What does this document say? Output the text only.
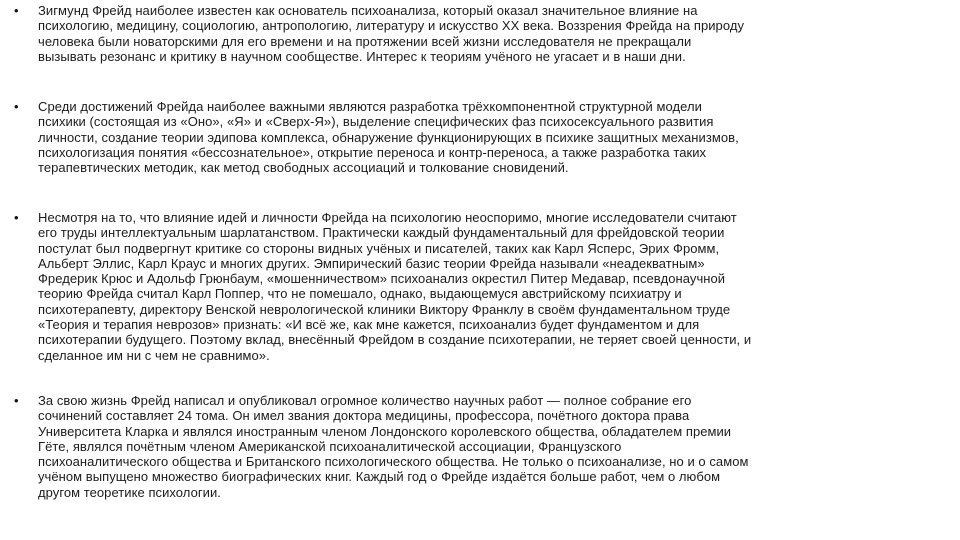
• Зигмунд Фрейд наиболее известен как основатель психоанализа, который оказал значительное влияние на
психологию, медицину, социологию, антропологию, литературу и искусство XX века. Воззрения Фрейда на природу
человека были новаторскими для его времени и на протяжении всей жизни исследователя не прекращали
вызывать резонанс и критику в научном сообществе. Интерес к теориям учёного не угасает и в наши дни.
• Среди достижений Фрейда наиболее важными являются разработка трёхкомпонентной структурной модели
психики (состоящая из «Оно», «Я» и «Сверх-Я»), выделение специфических фаз психосексуального развития
личности, создание теории эдипова комплекса, обнаружение функционирующих в психике защитных механизмов,
психологизация понятия «бессознательное», открытие переноса и контр-переноса, а также разработка таких
терапевтических методик, как метод свободных ассоциаций и толкование сновидений.
• Несмотря на то, что влияние идей и личности Фрейда на психологию неоспоримо, многие исследователи считают
его труды интеллектуальным шарлатанством. Практически каждый фундаментальный для фрейдовской теории
постулат был подвергнут критике со стороны видных учёных и писателей, таких как Карл Ясперс, Эрих Фромм,
Альберт Эллис, Карл Краус и многих других. Эмпирический базис теории Фрейда называли «неадекватным»
Фредерик Крюс и Адольф Грюнбаум, «мошенничеством» психоанализ окрестил Питер Медавар, псевдонаучной
теорию Фрейда считал Карл Поппер, что не помешало, однако, выдающемуся австрийскому психиатру и
психотерапевту, директору Венской неврологической клиники Виктору Франклу в своём фундаментальном труде
«Теория и терапия неврозов» признать: «И всё же, как мне кажется, психоанализ будет фундаментом и для
психотерапии будущего. Поэтому вклад, внесённый Фрейдом в создание психотерапии, не теряет своей ценности, и
сделанное им ни с чем не сравнимо».
• За свою жизнь Фрейд написал и опубликовал огромное количество научных работ — полное собрание его
сочинений составляет 24 тома. Он имел звания доктора медицины, профессора, почётного доктора права
Университета Кларка и являлся иностранным членом Лондонского королевского общества, обладателем премии
Гёте, являлся почётным членом Американской психоаналитической ассоциации, Французского
психоаналитического общества и Британского психологического общества. Не только о психоанализе, но и о самом
учёном выпущено множество биографических книг. Каждый год о Фрейде издаётся больше работ, чем о любом
другом теоретике психологии.
